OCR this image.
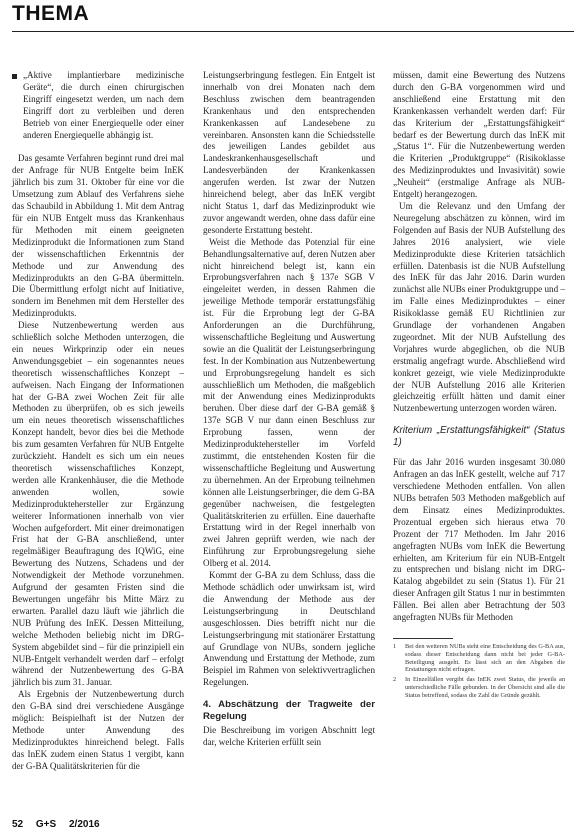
THEMA
„Aktive implantierbare medizinische Geräte“, die durch einen chirurgischen Eingriff eingesetzt werden, um nach dem Eingriff dort zu verbleiben und deren Betrieb von einer Energiequelle oder einer anderen Energiequelle abhängig ist.

Das gesamte Verfahren beginnt rund drei mal der Anfrage für NUB Entgelte beim InEK jährlich bis zum 31. Oktober für eine vor die Umsetzung zum Ablauf des Verfahrens siehe das Schaubild in Abbildung 1. Mit dem Antrag für ein NUB Entgelt muss das Krankenhaus für Methoden mit einem geeigneten Medizinprodukt die Informationen zum Stand der wissenschaftlichen Erkenntnis der Methode und zur Anwendung des Medizinprodukts an den G-BA übermitteln. Die Übermittlung erfolgt nicht auf Initiative, sondern im Benehmen mit dem Hersteller des Medizinprodukts.

Diese Nutzenbewertung werden aus schließlich solche Methoden unterzogen, die ein neues Wirkprinzip oder ein neues Anwendungsgebiet – ein sogenanntes neues theoretisch wissenschaftliches Konzept – aufweisen. Nach Eingang der Informationen hat der G-BA zwei Wochen Zeit für alle Methoden zu überprüfen, ob es sich jeweils um ein neues theoretisch wissenschaftliches Konzept handelt, bevor dies bei die Methode bis zum gesamten Verfahren für NUB Entgelte zurückzieht. Handelt es sich um ein neues theoretisch wissenschaftliches Konzept, werden alle Krankenhäuser, die die Methode anwenden wollen, sowie Medizinproduktehersteller zur Ergänzung weiterer Informationen innerhalb von vier Wochen aufgefordert. Mit einer dreimonatigen Frist hat der G-BA anschließend, unter regelmäßiger Beauftragung des IQWiG, eine Bewertung des Nutzens, Schadens und der Notwendigkeit der Methode vorzunehmen. Aufgrund der gesamten Fristen sind die Bewertungen ungefähr bis Mitte März zu erwarten. Parallel dazu läuft wie jährlich die NUB Prüfung des InEK. Dessen Mitteilung, welche Methoden beliebig nicht im DRG-System abgebildet sind – für die prinzipiell ein NUB-Entgelt verhandelt werden darf – erfolgt während der Nutzenbewertung des G-BA jährlich bis zum 31. Januar.

Als Ergebnis der Nutzenbewertung durch den G-BA sind drei verschiedene Ausgänge möglich: Beispielhaft ist der Nutzen der Methode unter Anwendung des Medizinproduktes hinreichend belegt. Falls das InEK zudem einen Status 1 vergibt, kann der G-BA Qualitätskriterien für die

Leistungserbringung festlegen. Ein Entgelt ist innerhalb von drei Monaten nach dem Beschluss zwischen dem beantragenden Krankenhaus und den entsprechenden Krankenkassen auf Landesebene zu vereinbaren. Ansonsten kann die Schiedsstelle des jeweiligen Landes gebildet aus Landeskrankenhausgesellschaft und Landesverbänden der Krankenkassen angerufen werden. Ist zwar der Nutzen hinreichend belegt, aber das InEK vergibt nicht Status 1, darf das Medizinprodukt wie zuvor angewandt werden, ohne dass dafür eine gesonderte Erstattung besteht.

Weist die Methode das Potenzial für eine Behandlungsalternative auf, deren Nutzen aber nicht hinreichend belegt ist, kann ein Erprobungsverfahren nach § 137e SGB V eingeleitet werden, in dessen Rahmen die jeweilige Methode temporär erstattungsfähig ist. Für die Erprobung legt der G-BA Anforderungen an die Durchführung, wissenschaftliche Begleitung und Auswertung sowie an die Qualität der Leistungserbringung fest. In der Kombination aus Nutzenbewertung und Erprobungsregelung handelt es sich ausschließlich um Methoden, die maßgeblich mit der Anwendung eines Medizinprodukts beruhen. Über diese darf der G-BA gemäß § 137e SGB V nur dann einen Beschluss zur Erprobung fassen, wenn der Medizinproduktehersteller im Vorfeld zustimmt, die entstehenden Kosten für die wissenschaftliche Begleitung und Auswertung zu übernehmen. An der Erprobung teilnehmen können alle Leistungserbringer, die dem G-BA gegenüber nachweisen, die festgelegten Qualitätskriterien zu erfüllen. Eine dauerhafte Erstattung wird in der Regel innerhalb von zwei Jahren geprüft werden, wie nach der Einführung zur Erprobungsregelung siehe Olberg et al. 2014.

Kommt der G-BA zu dem Schluss, dass die Methode schädlich oder unwirksam ist, wird die Anwendung der Methode aus der Leistungserbringung in Deutschland ausgeschlossen. Dies betrifft nicht nur die Leistungserbringung mit stationärer Erstattung auf Grundlage von NUBs, sondern jegliche Anwendung und Erstattung der Methode, zum Beispiel im Rahmen von selektivvertraglichen Regelungen.

4. Abschätzung der Tragweite der Regelung

Die Beschreibung im vorigen Abschnitt legt dar, welche Kriterien erfüllt sein

müssen, damit eine Bewertung des Nutzens durch den G-BA vorgenommen wird und anschließend eine Erstattung mit den Krankenkassen verhandelt werden darf: Für das Kriterium der „Erstattungsfähigkeit“ bedarf es der Bewertung durch das InEK mit „Status 1“. Für die Nutzenbewertung werden die Kriterien „Produktgruppe“ (Risikoklasse des Medizinproduktes und Invasivität) sowie „Neuheit“ (erstmalige Anfrage als NUB-Entgelt) herangezogen.

Um die Relevanz und den Umfang der Neuregelung abschätzen zu können, wird im Folgenden auf Basis der NUB Aufstellung des Jahres 2016 analysiert, wie viele Medizinprodukte diese Kriterien tatsächlich erfüllen. Datenbasis ist die NUB Aufstellung des InEK für das Jahr 2016. Darin wurden zunächst alle NUBs einer Produktgruppe und – im Falle eines Medizinproduktes – einer Risikoklasse gemäß EU Richtlinien zur Grundlage der vorhandenen Angaben zugeordnet. Mit der NUB Aufstellung des Vorjahres wurde abgeglichen, ob die NUB erstmalig angefragt wurde. Abschließend wird konkret gezeigt, wie viele Medizinprodukte der NUB Aufstellung 2016 alle Kriterien gleichzeitig erfüllt hätten und damit einer Nutzenbewertung unterzogen worden wären.

Kriterium „Erstattungsfähigkeit“ (Status 1)

Für das Jahr 2016 wurden insgesamt 30.080 Anfragen an das InEK gestellt, welche auf 717 verschiedene Methoden entfallen. Von allen NUBs betrafen 503 Methoden maßgeblich auf dem Einsatz eines Medizinproduktes. Prozentual ergeben sich hieraus etwa 70 Prozent der 717 Methoden. Im Jahr 2016 angefragten NUBs vom InEK die Bewertung erhielten, am Kriterium für ein NUB-Entgelt zu entsprechen und bislang nicht im DRG-Katalog abgebildet zu sein (Status 1). Für 21 dieser Anfragen gilt Status 1 nur in bestimmten Fällen. Bei allen aber Betrachtung der 503 angefragten NUBs für Methoden

1 Bei den weiteren NUBs steht eine Entscheidung des G-BA aus, sodass dieser Entscheidung dann nicht bei jeder G-BA-Beteiligung ausgeht. Es lässt sich an den Abgaben die Erstattungen nicht erfragen.
2 In Einzelfällen vergibt das InEK zwei Status, die jeweils an unterschiedliche Fälle gebunden. In der Übersicht sind alle die Status betreffend, sodass die Zahl die Gründe gezählt.
52 G+S 2/2016
